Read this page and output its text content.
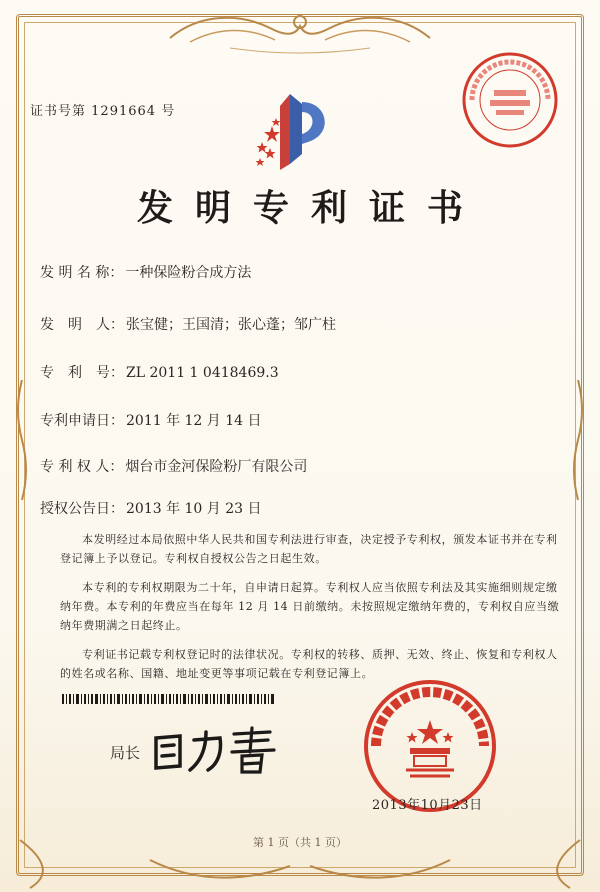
证书号第 1291664 号
发明专利证书
发 明 名 称： 一种保险粉合成方法
发　明　人： 张宝健；王国清；张心蓬；邹广柱
专　利　号： ZL 2011 1 0418469.3
专利申请日： 2011 年 12 月 14 日
专 利 权 人： 烟台市金河保险粉厂有限公司
授权公告日： 2013 年 10 月 23 日

本发明经过本局依照中华人民共和国专利法进行审查，决定授予专利权，颁发本证书并在专利登记簿上予以登记。专利权自授权公告之日起生效。

本专利的专利权期限为二十年，自申请日起算。专利权人应当依照专利法及其实施细则规定缴纳年费。本专利的年费应当在每年 12 月 14 日前缴纳。未按照规定缴纳年费的，专利权自应当缴纳年费期满之日起终止。

专利证书记载专利权登记时的法律状况。专利权的转移、质押、无效、终止、恢复和专利权人的姓名或名称、国籍、地址变更等事项记载在专利登记簿上。

局长
2013年10月23日
第 1 页（共 1 页）
